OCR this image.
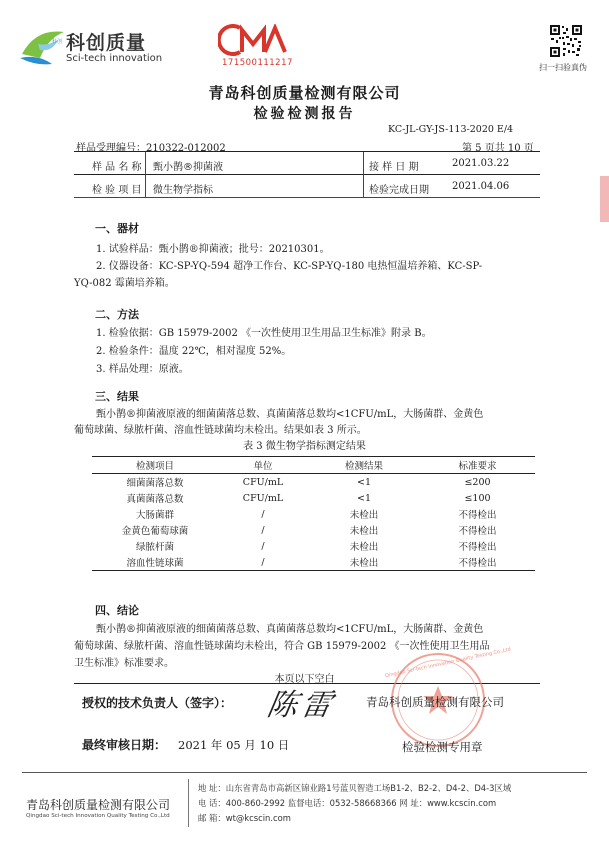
科创 科创质量
Sci-tech innovation	171500111217	扫一扫验真伪
青岛科创质量检测有限公司
检验检测报告
KC-JL-GY-JS-113-2020 E/4
样品受理编号：210322-012002	第 5 页共 10 页
样 品 名 称 甄小鹊®抑菌液	接 样 日 期	2021.03.22
检 验 项 目 微生物学指标	检验完成日期 2021.04.06
一、器材
1. 试验样品：甄小鹊®抑菌液；批号：20210301。
2. 仪器设备：KC-SP-YQ-594 超净工作台、KC-SP-YQ-180 电热恒温培养箱、KC-SP-
YQ-082 霉菌培养箱。
二、方法
1. 检验依据：GB 15979-2002 《一次性使用卫生用品卫生标准》附录 B。
2. 检验条件：温度 22℃，相对湿度 52%。
3. 样品处理：原液。
三、结果
甄小鹊®抑菌液原液的细菌菌落总数、真菌菌落总数均<1CFU/mL，大肠菌群、金黄色
葡萄球菌、绿脓杆菌、溶血性链球菌均未检出。结果如表 3 所示。
表 3 微生物学指标测定结果
检测项目	单位	检测结果	标准要求
细菌菌落总数	CFU/mL	<1	≤200
真菌菌落总数	CFU/mL	<1	≤100
大肠菌群	/	未检出	不得检出
金黄色葡萄球菌	/	未检出	不得检出
绿脓杆菌	/	未检出	不得检出
溶血性链球菌	/	未检出	不得检出
四、结论
甄小鹊®抑菌液原液的细菌菌落总数、真菌菌落总数均<1CFU/mL，大肠菌群、金黄色
葡萄球菌、绿脓杆菌、溶血性链球菌均未检出，符合 GB 15979-2002 《一次性使用卫生用品
卫生标准》标准要求。
本页以下空白
Qingdao Sci-tech Innovation Quality Testing Co.,Ltd
授权的技术负责人（签字）： 陈雷 青岛科创质量检测有限公司
最终审核日期： 2021 年 05 月 10 日	检验检测专用章
青岛科创质量检测有限公司
Qingdao Sci-tech Innovation Quality Testing Co.,Ltd
地 址：山东省青岛市高新区锦业路1号蓝贝智造工场B1-2、B2-2、D4-2、D4-3区域
电 话：400-860-2992 监督电话：0532-58668366 网 址：www.kcscin.com
邮 箱：wt@kcscin.com
